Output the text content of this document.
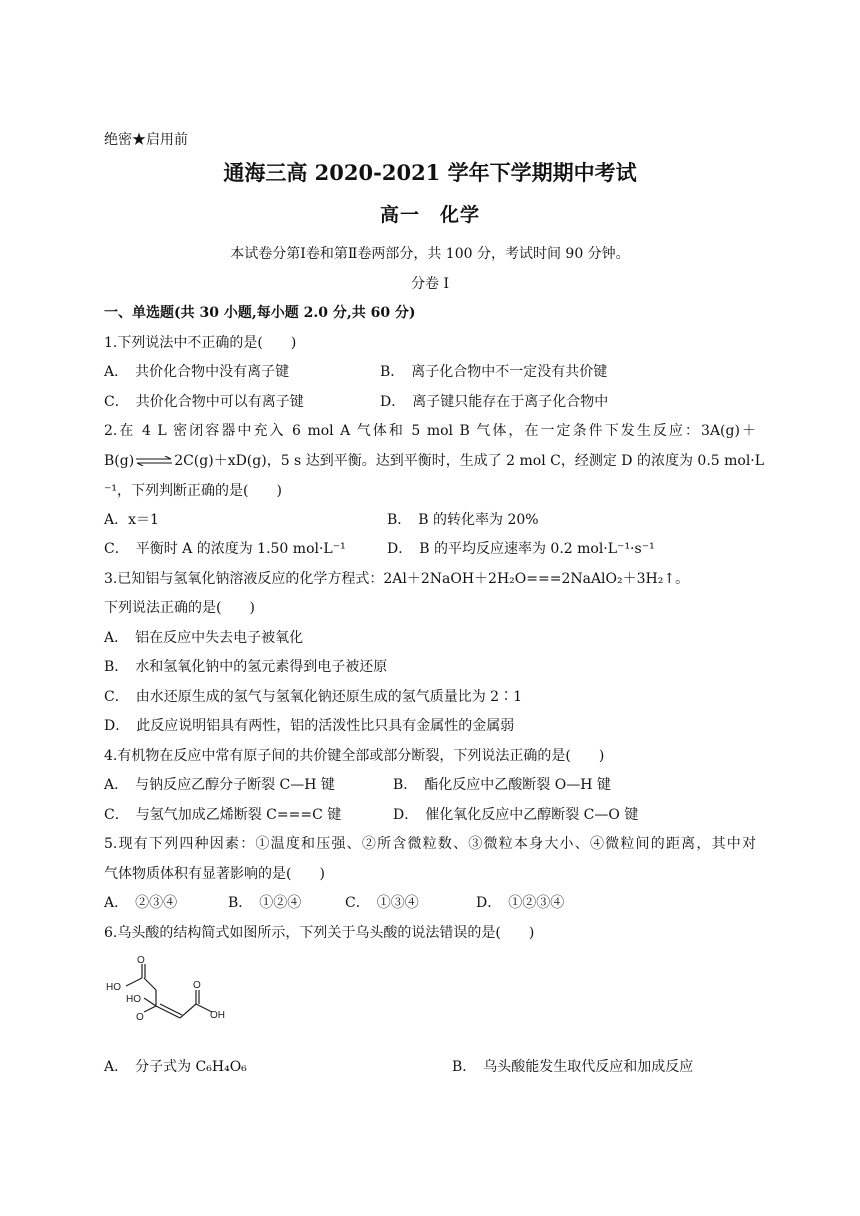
绝密★启用前
通海三高 2020-2021 学年下学期期中考试
高一　化学
本试卷分第Ⅰ卷和第Ⅱ卷两部分，共 100 分，考试时间 90 分钟。
分卷 I
一、单选题(共 30 小题,每小题 2.0 分,共 60 分)
1.下列说法中不正确的是(　　)
A．　共价化合物中没有离子键	B．　离子化合物中不一定没有共价键
C．　共价化合物中可以有离子键	D．　离子键只能存在于离子化合物中
2.在 4 L 密闭容器中充入 6 mol A 气体和 5 mol B 气体，在一定条件下发生反应：3A(g)＋
B(g)⇌2C(g)＋xD(g)，5 s 达到平衡。达到平衡时，生成了 2 mol C，经测定 D 的浓度为 0.5 mol·L
⁻¹，下列判断正确的是(　　)
A．x＝1	B．　B 的转化率为 20%
C．　平衡时 A 的浓度为 1.50 mol·L⁻¹	D．　B 的平均反应速率为 0.2 mol·L⁻¹·s⁻¹
3.已知铝与氢氧化钠溶液反应的化学方程式：2Al＋2NaOH＋2H₂O===2NaAlO₂＋3H₂↑。
下列说法正确的是(　　)
A．　铝在反应中失去电子被氧化
B．　水和氢氧化钠中的氢元素得到电子被还原
C．　由水还原生成的氢气与氢氧化钠还原生成的氢气质量比为 2∶1
D．　此反应说明铝具有两性，铝的活泼性比只具有金属性的金属弱
4.有机物在反应中常有原子间的共价键全部或部分断裂，下列说法正确的是(　　)
A．　与钠反应乙醇分子断裂 C—H 键	B．　酯化反应中乙酸断裂 O—H 键
C．　与氢气加成乙烯断裂 C===C 键	D．　催化氧化反应中乙醇断裂 C—O 键
5.现有下列四种因素：①温度和压强、②所含微粒数、③微粒本身大小、④微粒间的距离，其中对
气体物质体积有显著影响的是(　　)
A．　②③④	B．　①②④	C．　①③④	D．　①②③④
6.乌头酸的结构简式如图所示，下列关于乌头酸的说法错误的是(　　)
O
HO
HO
O
O
OH
A．　分子式为 C₆H₄O₆	B．　乌头酸能发生取代反应和加成反应
